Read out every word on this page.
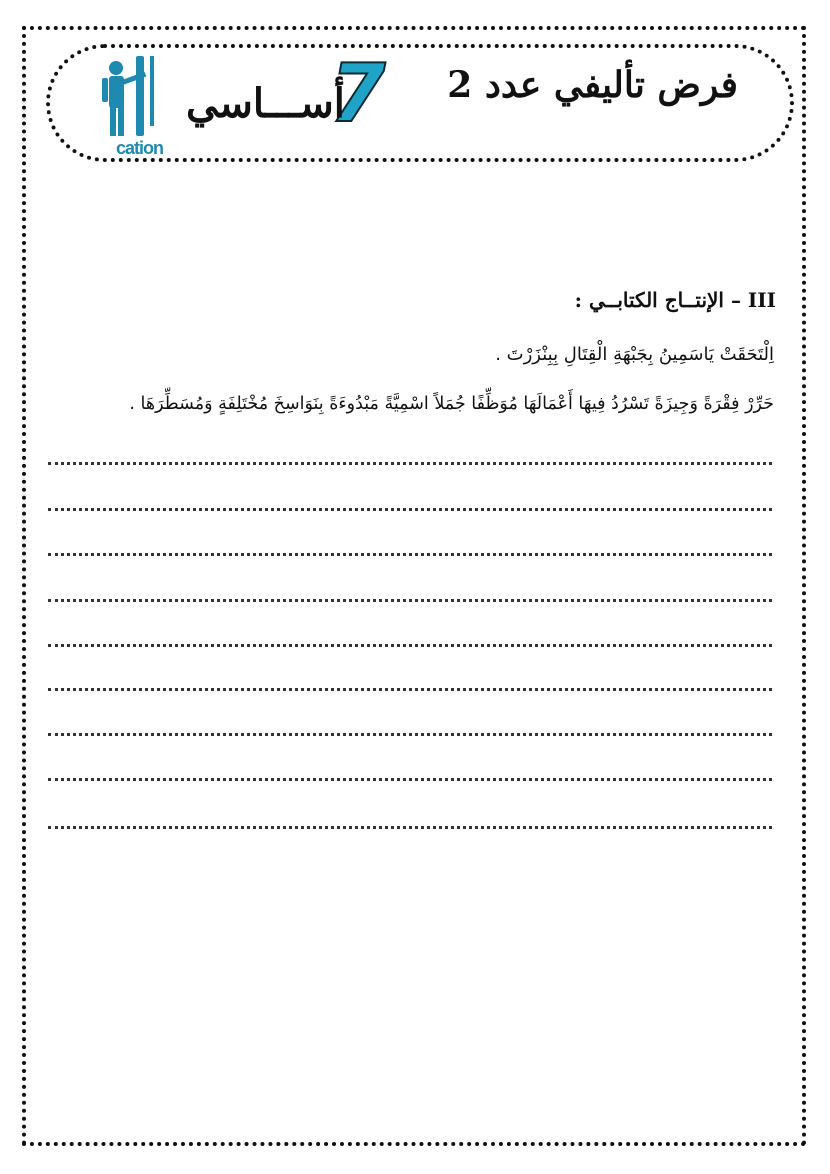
فرض تأليفي عدد 2
7
أســـاسي
cation
III – الإنتــاج الكتابــي :
اِلْتَحَقَتْ يَاسَمِينُ بِجَبْهَةِ الْقِتَالِ بِبِنْزَرْتَ .
حَرِّرْ فِقْرَةً وَجِيزَةً تَسْرُدُ فِيهَا أَعْمَالَهَا مُوَظِّفًا جُمَلاً اسْمِيَّةً مَبْدُوءَةً بِنَوَاسِخَ مُخْتَلِفَةٍ وَمُسَطِّرَهَا .
